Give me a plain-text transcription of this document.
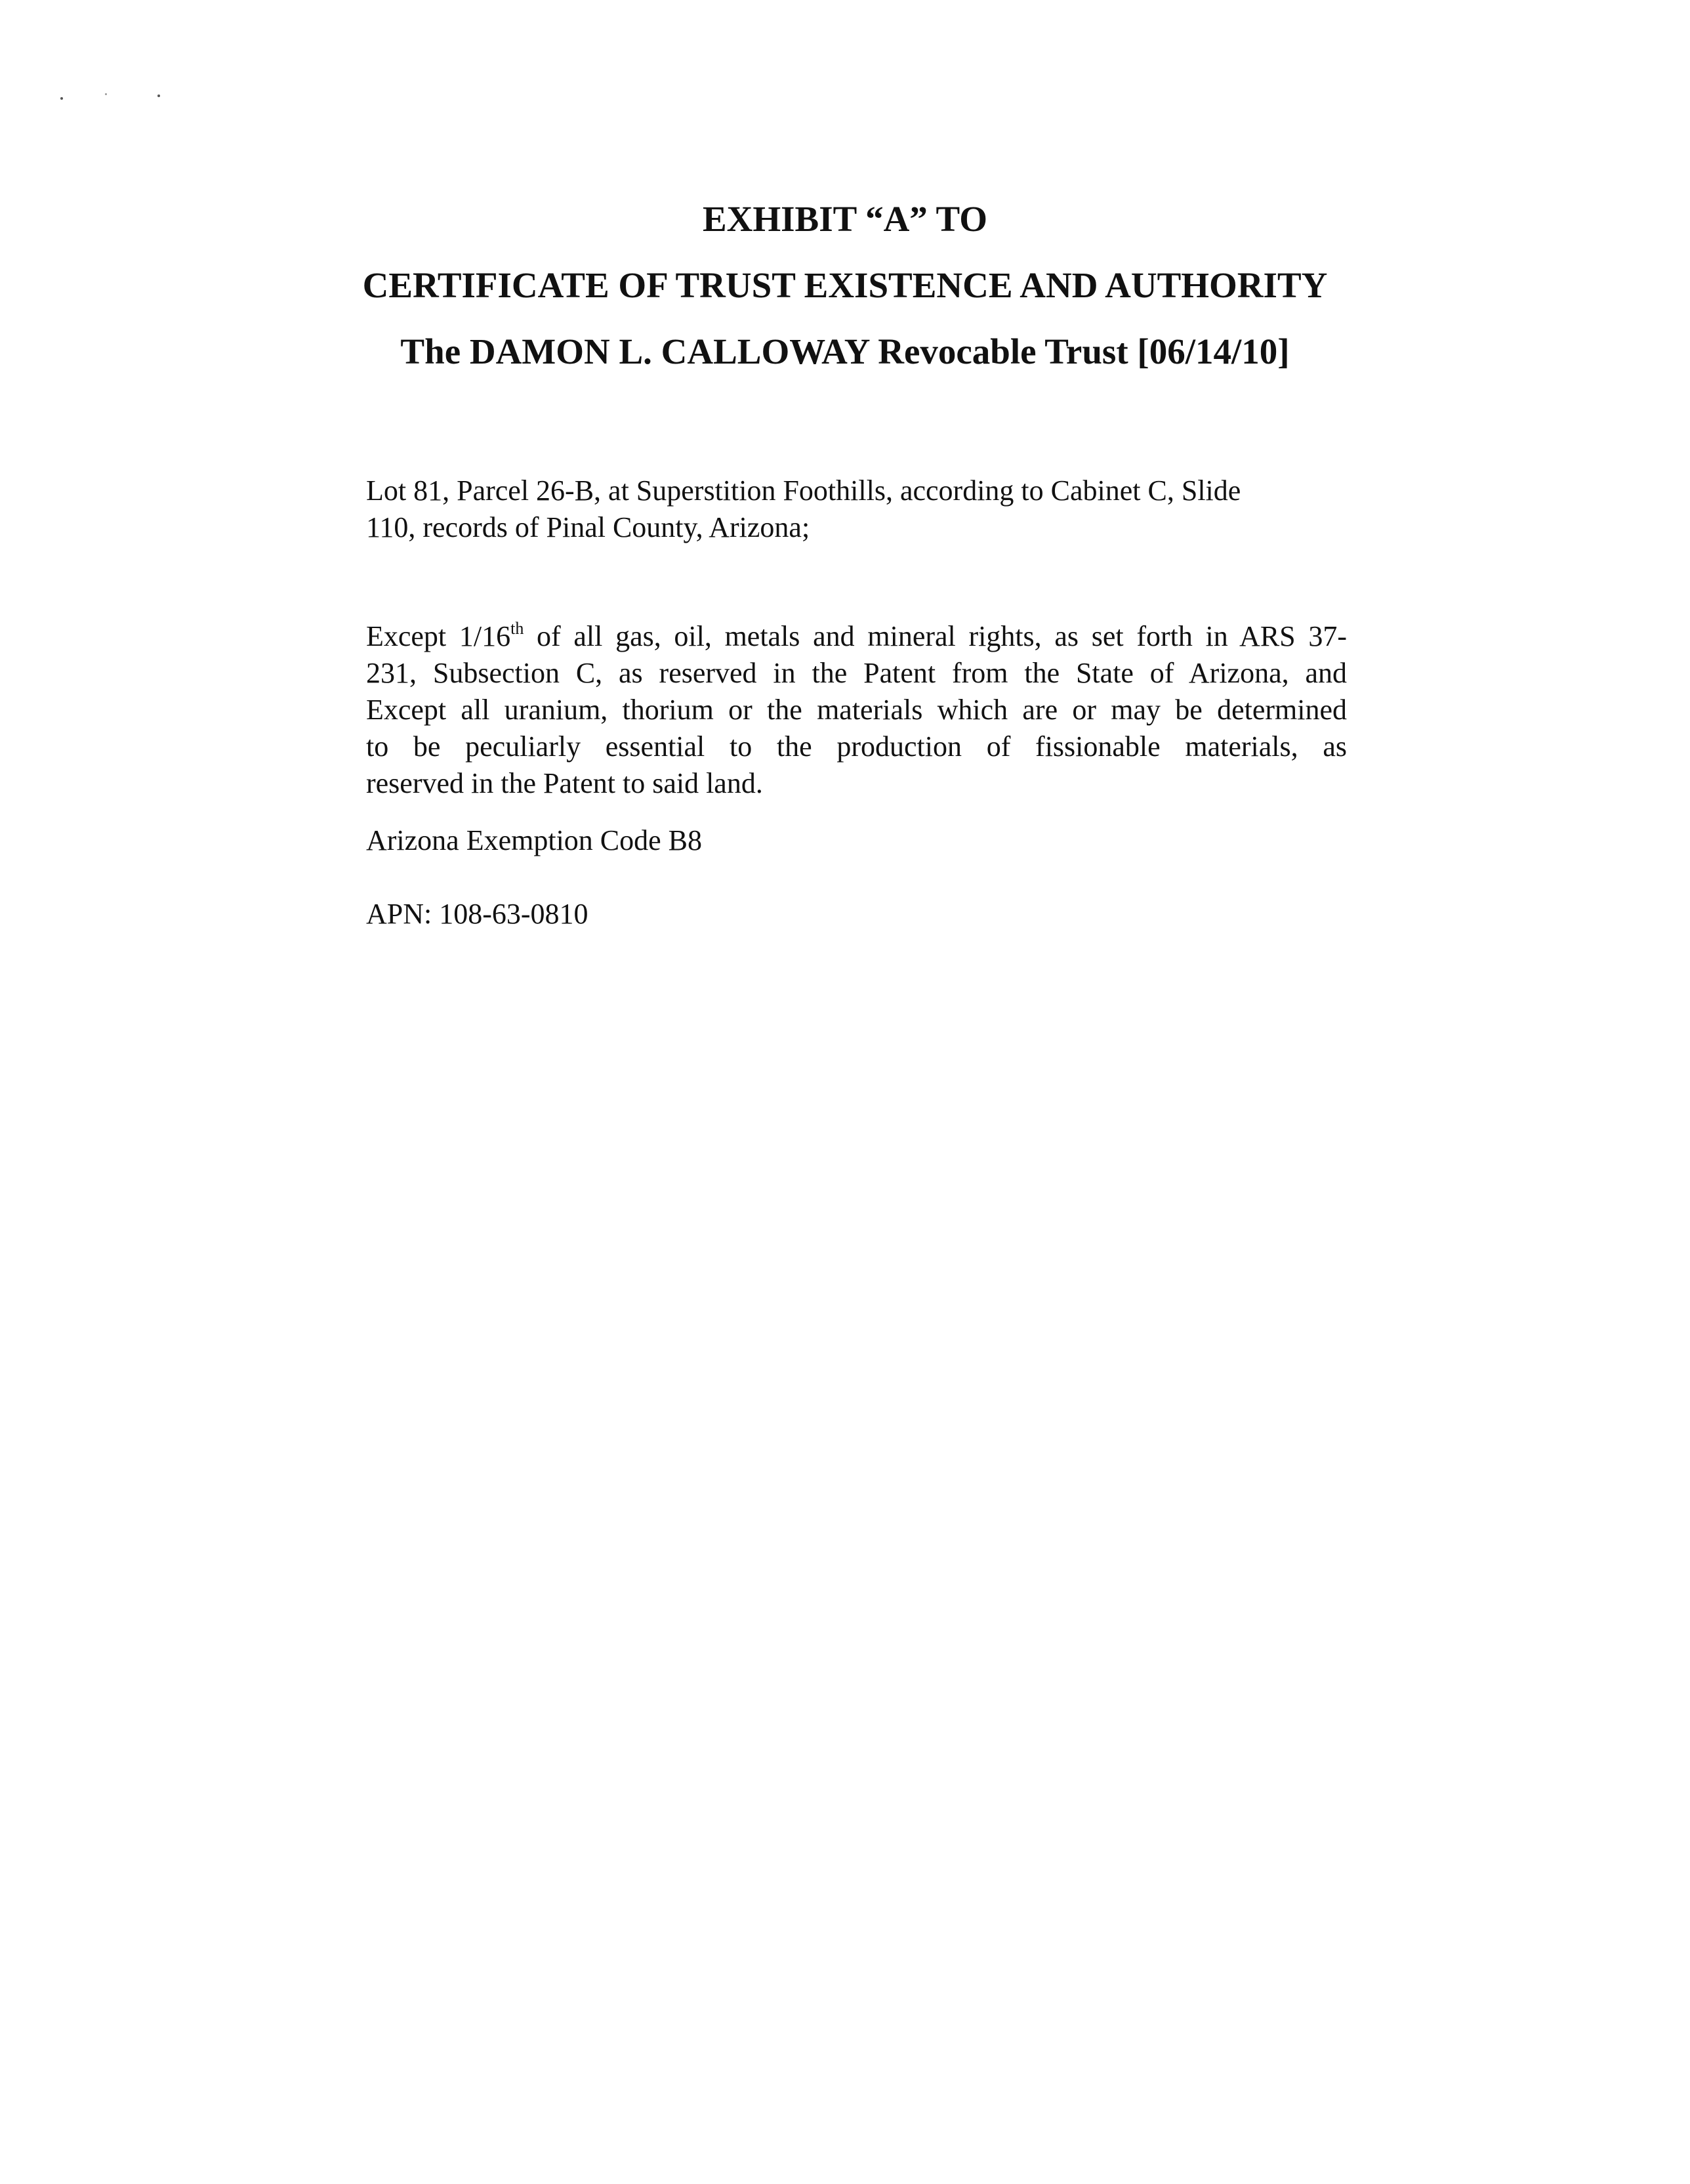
EXHIBIT “A” TO
CERTIFICATE OF TRUST EXISTENCE AND AUTHORITY
The DAMON L. CALLOWAY Revocable Trust [06/14/10]
Lot 81, Parcel 26-B, at Superstition Foothills, according to Cabinet C, Slide
110, records of Pinal County, Arizona;
Except 1/16th of all gas, oil, metals and mineral rights, as set forth in ARS 37-
231, Subsection C, as reserved in the Patent from the State of Arizona, and
Except all uranium, thorium or the materials which are or may be determined
to be peculiarly essential to the production of fissionable materials, as
reserved in the Patent to said land.
Arizona Exemption Code B8
APN: 108-63-0810
